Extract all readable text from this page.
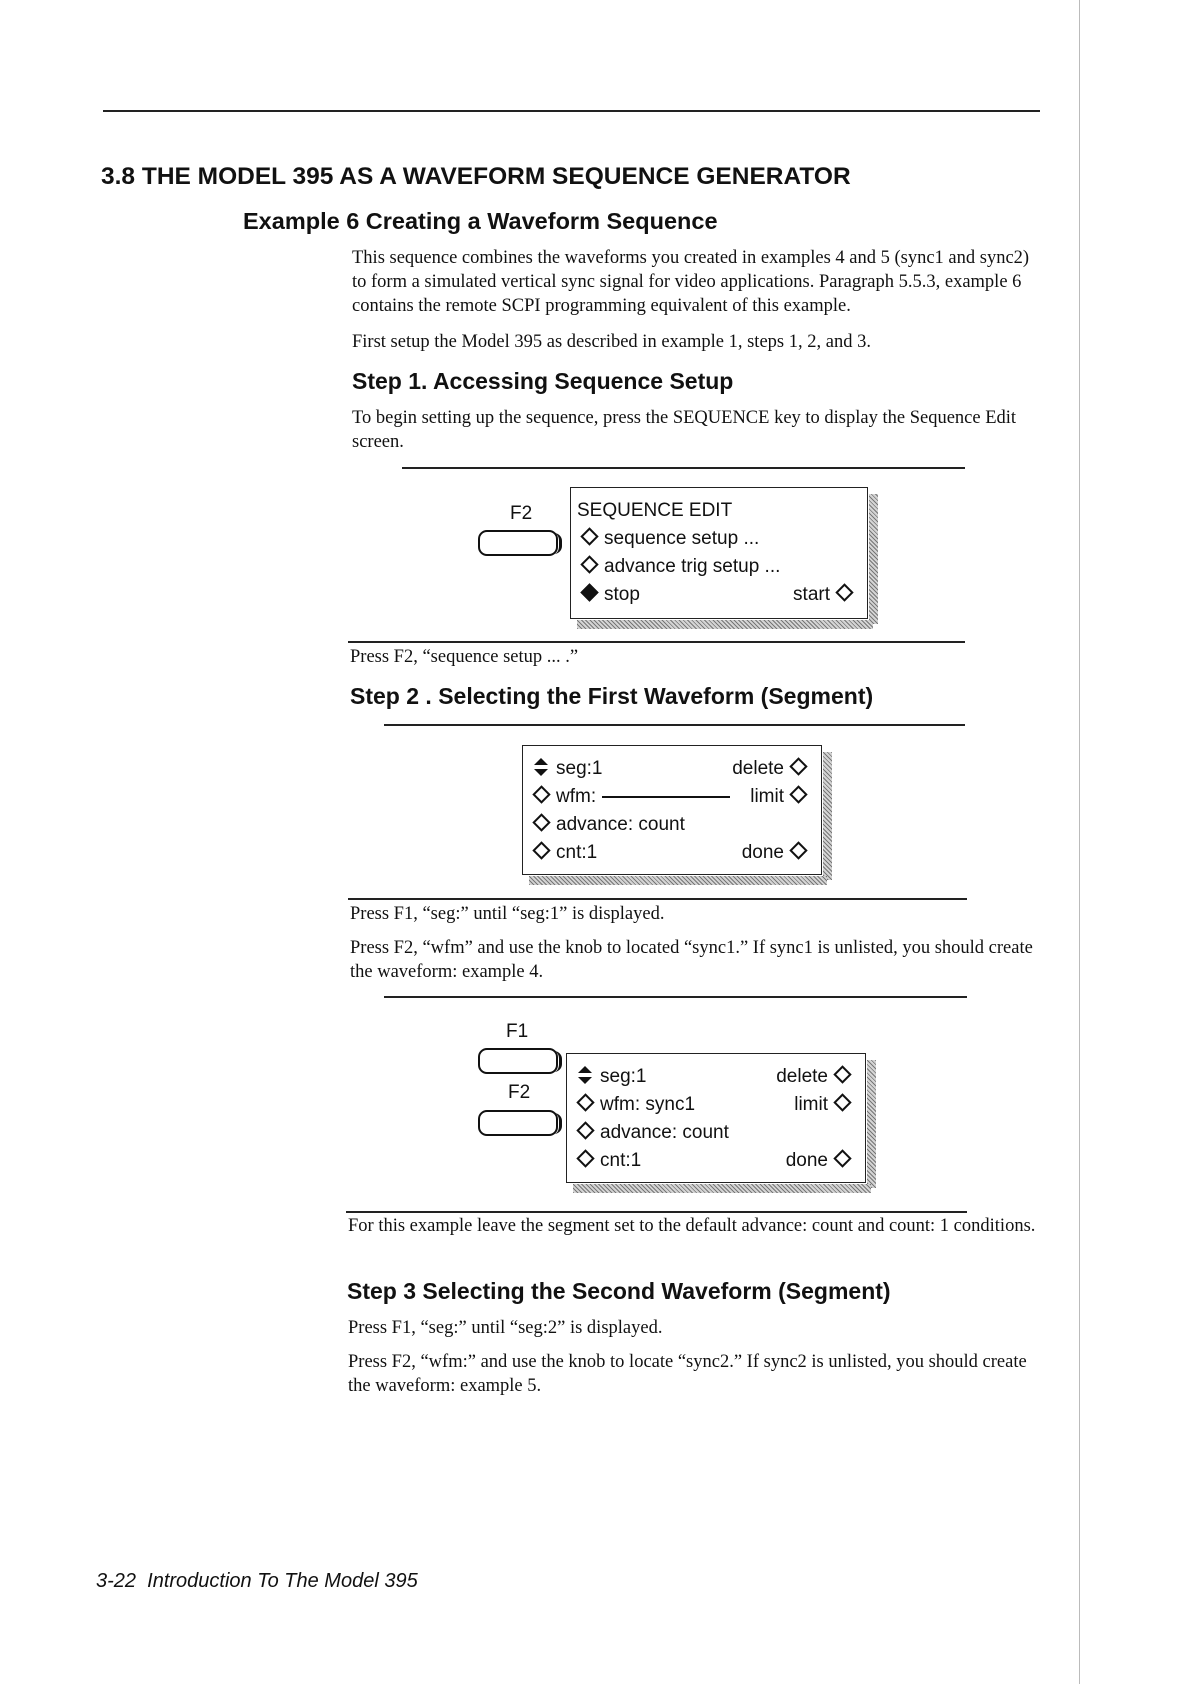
3.8 THE MODEL 395 AS A WAVEFORM SEQUENCE GENERATOR
Example 6 Creating a Waveform Sequence
This sequence combines the waveforms you created in examples 4 and 5 (sync1 and sync2) to form a simulated vertical sync signal for video applications. Paragraph 5.5.3, example 6 contains the remote SCPI programming equivalent of this example.
First setup the Model 395 as described in example 1, steps 1, 2, and 3.
Step 1. Accessing Sequence Setup
To begin setting up the sequence, press the SEQUENCE key to display the Sequence Edit screen.
F2 SEQUENCE EDIT
sequence setup ...
advance trig setup ...
stop	start
Press F2, “sequence setup ... .”
Step 2 . Selecting the First Waveform (Segment)
seg:1	delete
wfm:	limit
advance: count
cnt:1	done
Press F1, “seg:” until “seg:1” is displayed.
Press F2, “wfm” and use the knob to located “sync1.” If sync1 is unlisted, you should create the waveform: example 4.
F1
F2
seg:1	delete
wfm: sync1	limit
advance: count
cnt:1	done
For this example leave the segment set to the default advance: count and count: 1 conditions.
Step 3 Selecting the Second Waveform (Segment)
Press F1, “seg:” until “seg:2” is displayed.
Press F2, “wfm:” and use the knob to locate “sync2.” If sync2 is unlisted, you should create the waveform: example 5.
3-22 Introduction To The Model 395
